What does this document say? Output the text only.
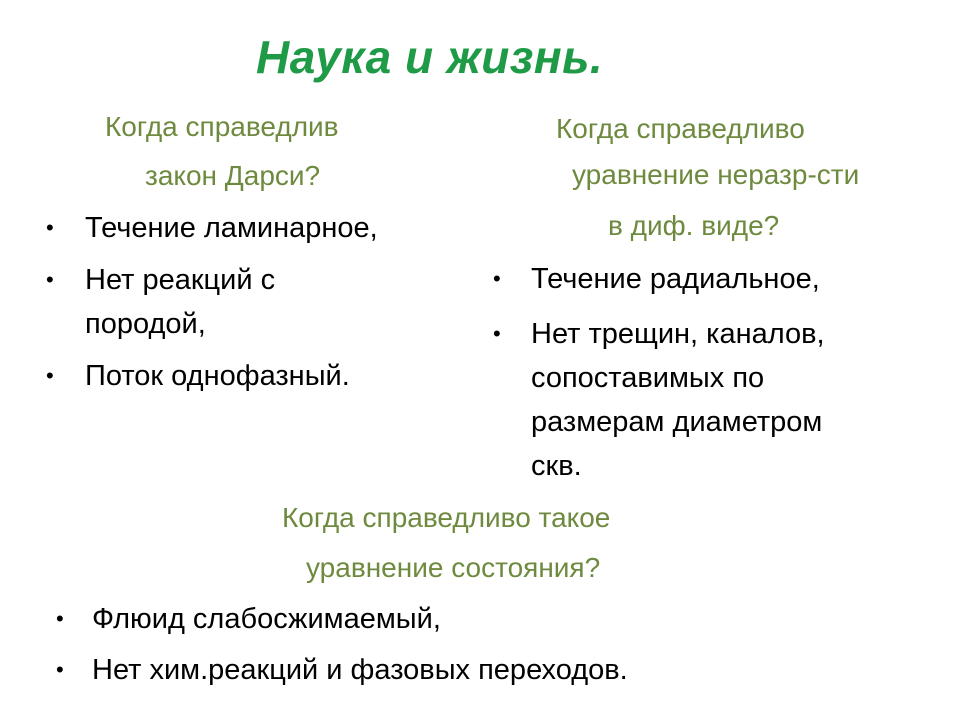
Наука и жизнь.
Когда справедлив
закон Дарси?
• Течение ламинарное,
• Нет реакций с
породой,
• Поток однофазный.
Когда справедливо
уравнение неразр-сти
в диф. виде?
• Течение радиальное,
• Нет трещин, каналов,
сопоставимых по
размерам диаметром
скв.
Когда справедливо такое
уравнение состояния?
• Флюид слабосжимаемый,
• Нет хим.реакций и фазовых переходов.
